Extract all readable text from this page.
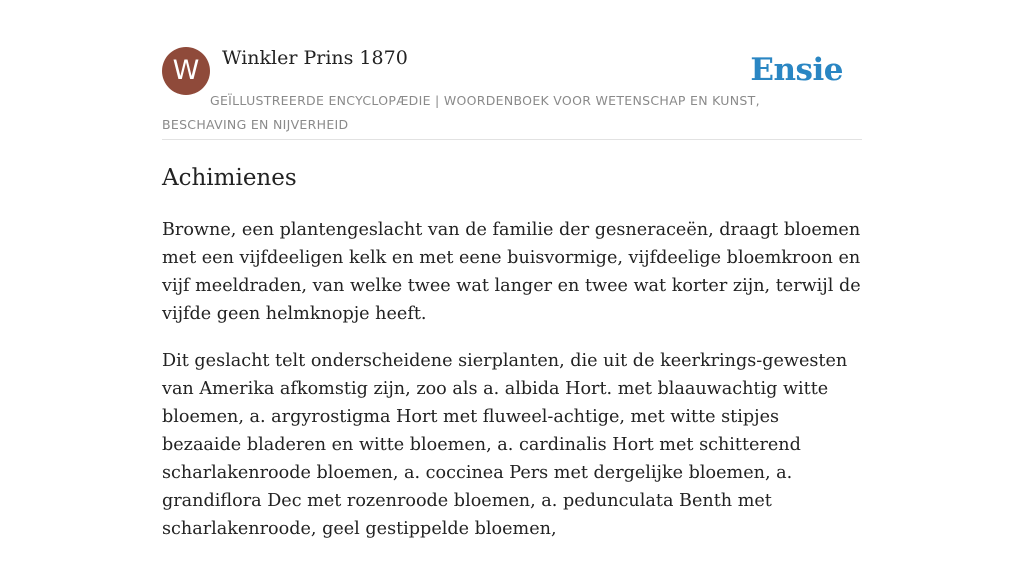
W	Winkler Prins 1870	Ensie
GEÏLLUSTREERDE ENCYCLOPÆDIE | WOORDENBOEK VOOR WETENSCHAP EN KUNST, BESCHAVING EN NIJVERHEID
Achimienes

Browne, een plantengeslacht van de familie der gesneraceën, draagt bloemen met een vijfdeeligen kelk en met eene buisvormige, vijfdeelige bloemkroon en vijf meeldraden, van welke twee wat langer en twee wat korter zijn, terwijl de vijfde geen helmknopje heeft.

Dit geslacht telt onderscheidene sierplanten, die uit de keerkrings-gewesten van Amerika afkomstig zijn, zoo als a. albida Hort. met blaauwachtig witte bloemen, a. argyrostigma Hort met fluweel-achtige, met witte stipjes bezaaide bladeren en witte bloemen, a. cardinalis Hort met schitterend scharlakenroode bloemen, a. coccinea Pers met dergelijke bloemen, a. grandiflora Dec met rozenroode bloemen, a. pedunculata Benth met scharlakenroode, geel gestippelde bloemen,
